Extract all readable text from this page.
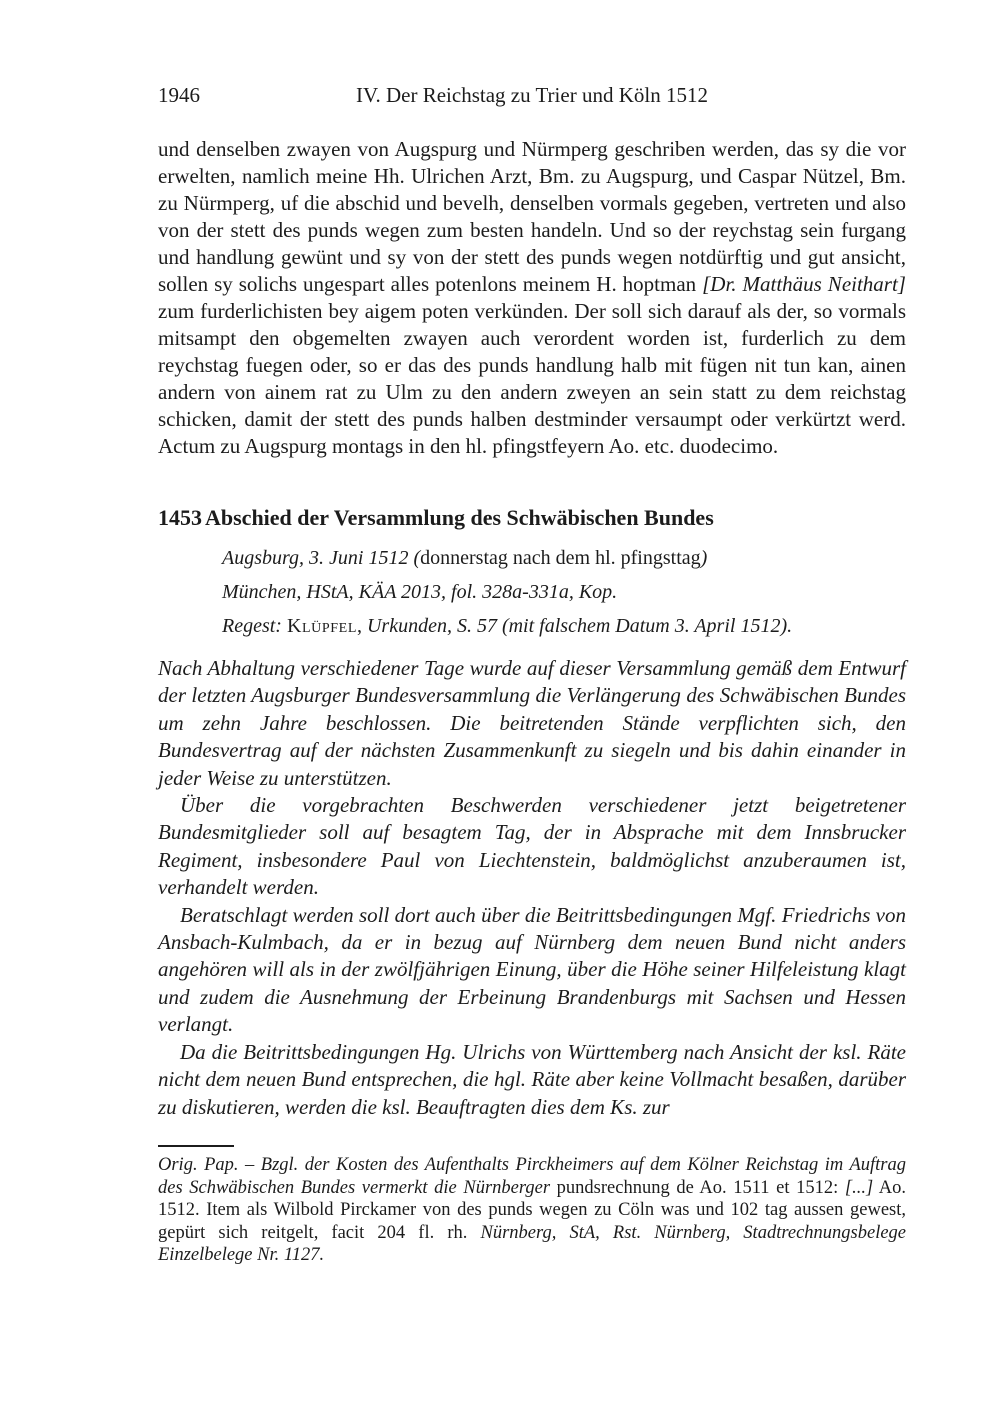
1946	IV. Der Reichstag zu Trier und Köln 1512

und denselben zwayen von Augspurg und Nürmperg geschriben werden, das sy die vor erwelten, namlich meine Hh. Ulrichen Arzt, Bm. zu Augspurg, und Caspar Nützel, Bm. zu Nürmperg, uf die abschid und bevelh, denselben vormals gegeben, vertreten und also von der stett des punds wegen zum besten handeln. Und so der reychstag sein furgang und handlung gewünt und sy von der stett des punds wegen notdürftig und gut ansicht, sollen sy solichs ungespart alles potenlons meinem H. hoptman [Dr. Matthäus Neithart] zum furderlichisten bey aigem poten verkünden. Der soll sich darauf als der, so vormals mitsampt den obgemelten zwayen auch verordent worden ist, furderlich zu dem reychstag fuegen oder, so er das des punds handlung halb mit fügen nit tun kan, ainen andern von ainem rat zu Ulm zu den andern zweyen an sein statt zu dem reichstag schicken, damit der stett des punds halben destminder versaumpt oder verkürtzt werd. Actum zu Augspurg montags in den hl. pfingstfeyern Ao. etc. duodecimo.

1453 Abschied der Versammlung des Schwäbischen Bundes

Augsburg, 3. Juni 1512 (donnerstag nach dem hl. pfingsttag)

München, HStA, KÄA 2013, fol. 328a-331a, Kop.

Regest: Klüpfel, Urkunden, S. 57 (mit falschem Datum 3. April 1512).

Nach Abhaltung verschiedener Tage wurde auf dieser Versammlung gemäß dem Entwurf der letzten Augsburger Bundesversammlung die Verlängerung des Schwäbischen Bundes um zehn Jahre beschlossen. Die beitretenden Stände verpflichten sich, den Bundesvertrag auf der nächsten Zusammenkunft zu siegeln und bis dahin einander in jeder Weise zu unterstützen.

Über die vorgebrachten Beschwerden verschiedener jetzt beigetretener Bundesmitglieder soll auf besagtem Tag, der in Absprache mit dem Innsbrucker Regiment, insbesondere Paul von Liechtenstein, baldmöglichst anzuberaumen ist, verhandelt werden.

Beratschlagt werden soll dort auch über die Beitrittsbedingungen Mgf. Friedrichs von Ansbach-Kulmbach, da er in bezug auf Nürnberg dem neuen Bund nicht anders angehören will als in der zwölfjährigen Einung, über die Höhe seiner Hilfeleistung klagt und zudem die Ausnehmung der Erbeinung Brandenburgs mit Sachsen und Hessen verlangt.

Da die Beitrittsbedingungen Hg. Ulrichs von Württemberg nach Ansicht der ksl. Räte nicht dem neuen Bund entsprechen, die hgl. Räte aber keine Vollmacht besaßen, darüber zu diskutieren, werden die ksl. Beauftragten dies dem Ks. zur

Orig. Pap. – Bzgl. der Kosten des Aufenthalts Pirckheimers auf dem Kölner Reichstag im Auftrag des Schwäbischen Bundes vermerkt die Nürnberger pundsrechnung de Ao. 1511 et 1512: [...] Ao. 1512. Item als Wilbold Pirckamer von des punds wegen zu Cöln was und 102 tag aussen gewest, gepürt sich reitgelt, facit 204 fl. rh. Nürnberg, StA, Rst. Nürnberg, Stadtrechnungsbelege Einzelbelege Nr. 1127.
